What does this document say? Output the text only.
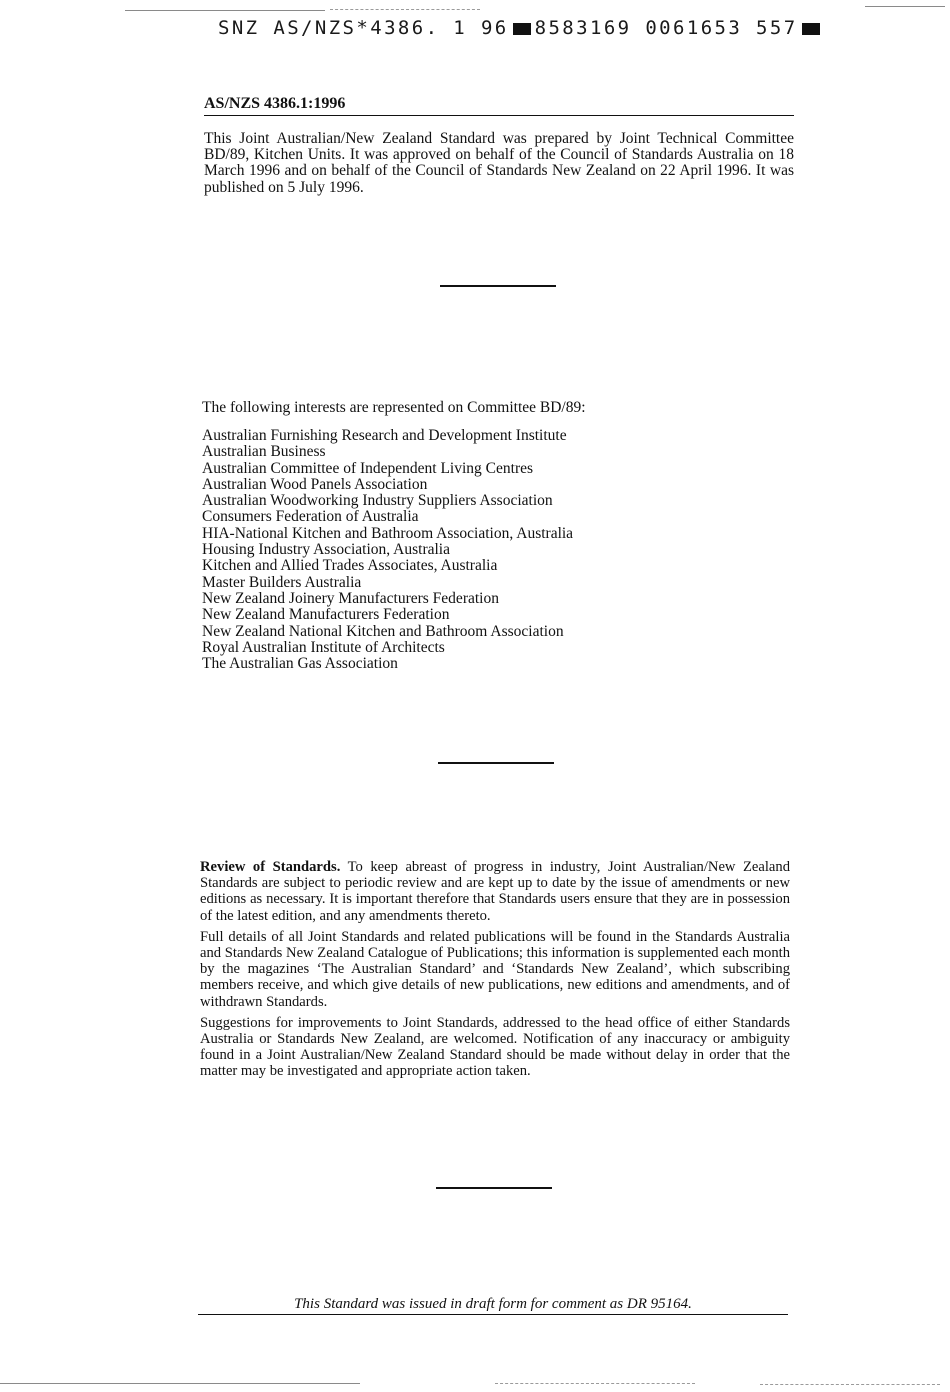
SNZ AS/NZS*4386. 1 96 8583169 0061653 557

AS/NZS 4386.1:1996

This Joint Australian/New Zealand Standard was prepared by Joint Technical Committee BD/89, Kitchen Units. It was approved on behalf of the Council of Standards Australia on 18 March 1996 and on behalf of the Council of Standards New Zealand on 22 April 1996. It was published on 5 July 1996.

The following interests are represented on Committee BD/89:

Australian Furnishing Research and Development Institute
Australian Business
Australian Committee of Independent Living Centres
Australian Wood Panels Association
Australian Woodworking Industry Suppliers Association
Consumers Federation of Australia
HIA-National Kitchen and Bathroom Association, Australia
Housing Industry Association, Australia
Kitchen and Allied Trades Associates, Australia
Master Builders Australia
New Zealand Joinery Manufacturers Federation
New Zealand Manufacturers Federation
New Zealand National Kitchen and Bathroom Association
Royal Australian Institute of Architects
The Australian Gas Association

Review of Standards. To keep abreast of progress in industry, Joint Australian/New Zealand Standards are subject to periodic review and are kept up to date by the issue of amendments or new editions as necessary. It is important therefore that Standards users ensure that they are in possession of the latest edition, and any amendments thereto.

Full details of all Joint Standards and related publications will be found in the Standards Australia and Standards New Zealand Catalogue of Publications; this information is supplemented each month by the magazines ‘The Australian Standard’ and ‘Standards New Zealand’, which subscribing members receive, and which give details of new publications, new editions and amendments, and of withdrawn Standards.

Suggestions for improvements to Joint Standards, addressed to the head office of either Standards Australia or Standards New Zealand, are welcomed. Notification of any inaccuracy or ambiguity found in a Joint Australian/New Zealand Standard should be made without delay in order that the matter may be investigated and appropriate action taken.

This Standard was issued in draft form for comment as DR 95164.
